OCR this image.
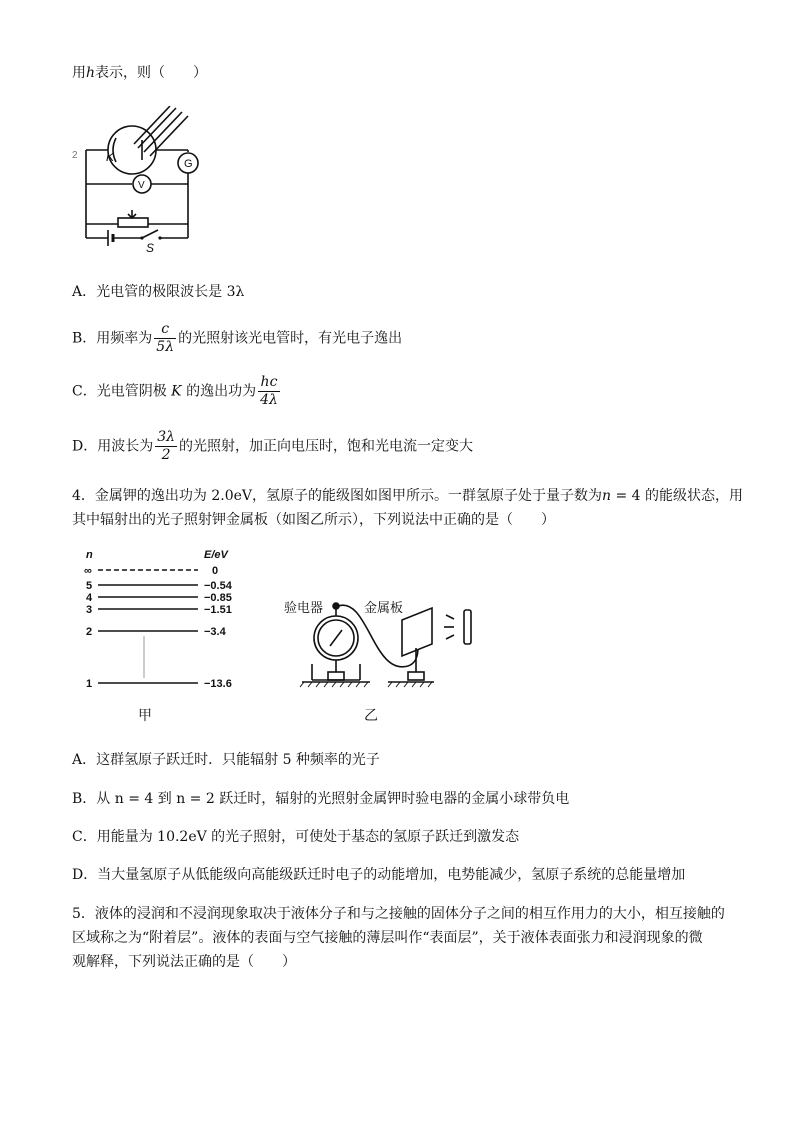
用h表示，则（　　）
2 K	G
V
S
A．光电管的极限波长是 3λ
B．用频率为 $\frac{c}{5\lambda}$ 的光照射该光电管时，有光电子逸出
C．光电管阴极 K 的逸出功为 $\frac{hc}{4\lambda}$
D．用波长为 $\frac{3\lambda}{2}$ 的光照射，加正向电压时，饱和光电流一定变大
4．金属钾的逸出功为 2.0eV，氢原子的能级图如图甲所示。一群氢原子处于量子数为n = 4 的能级状态，用
其中辐射出的光子照射钾金属板（如图乙所示），下列说法中正确的是（　　）
n	E/eV
∞	0
5	−0.54
4	−0.85
3	−1.51
2	−3.4
1	−13.6
甲
验电器	金属板
乙
A．这群氢原子跃迁时．只能辐射 5 种频率的光子
B．从 n = 4 到 n = 2 跃迁时，辐射的光照射金属钾时验电器的金属小球带负电
C．用能量为 10.2eV 的光子照射，可使处于基态的氢原子跃迁到激发态
D．当大量氢原子从低能级向高能级跃迁时电子的动能增加，电势能减少，氢原子系统的总能量增加
5．液体的浸润和不浸润现象取决于液体分子和与之接触的固体分子之间的相互作用力的大小，相互接触的
区域称之为“附着层”。液体的表面与空气接触的薄层叫作“表面层”，关于液体表面张力和浸润现象的微
观解释，下列说法正确的是（　　）
